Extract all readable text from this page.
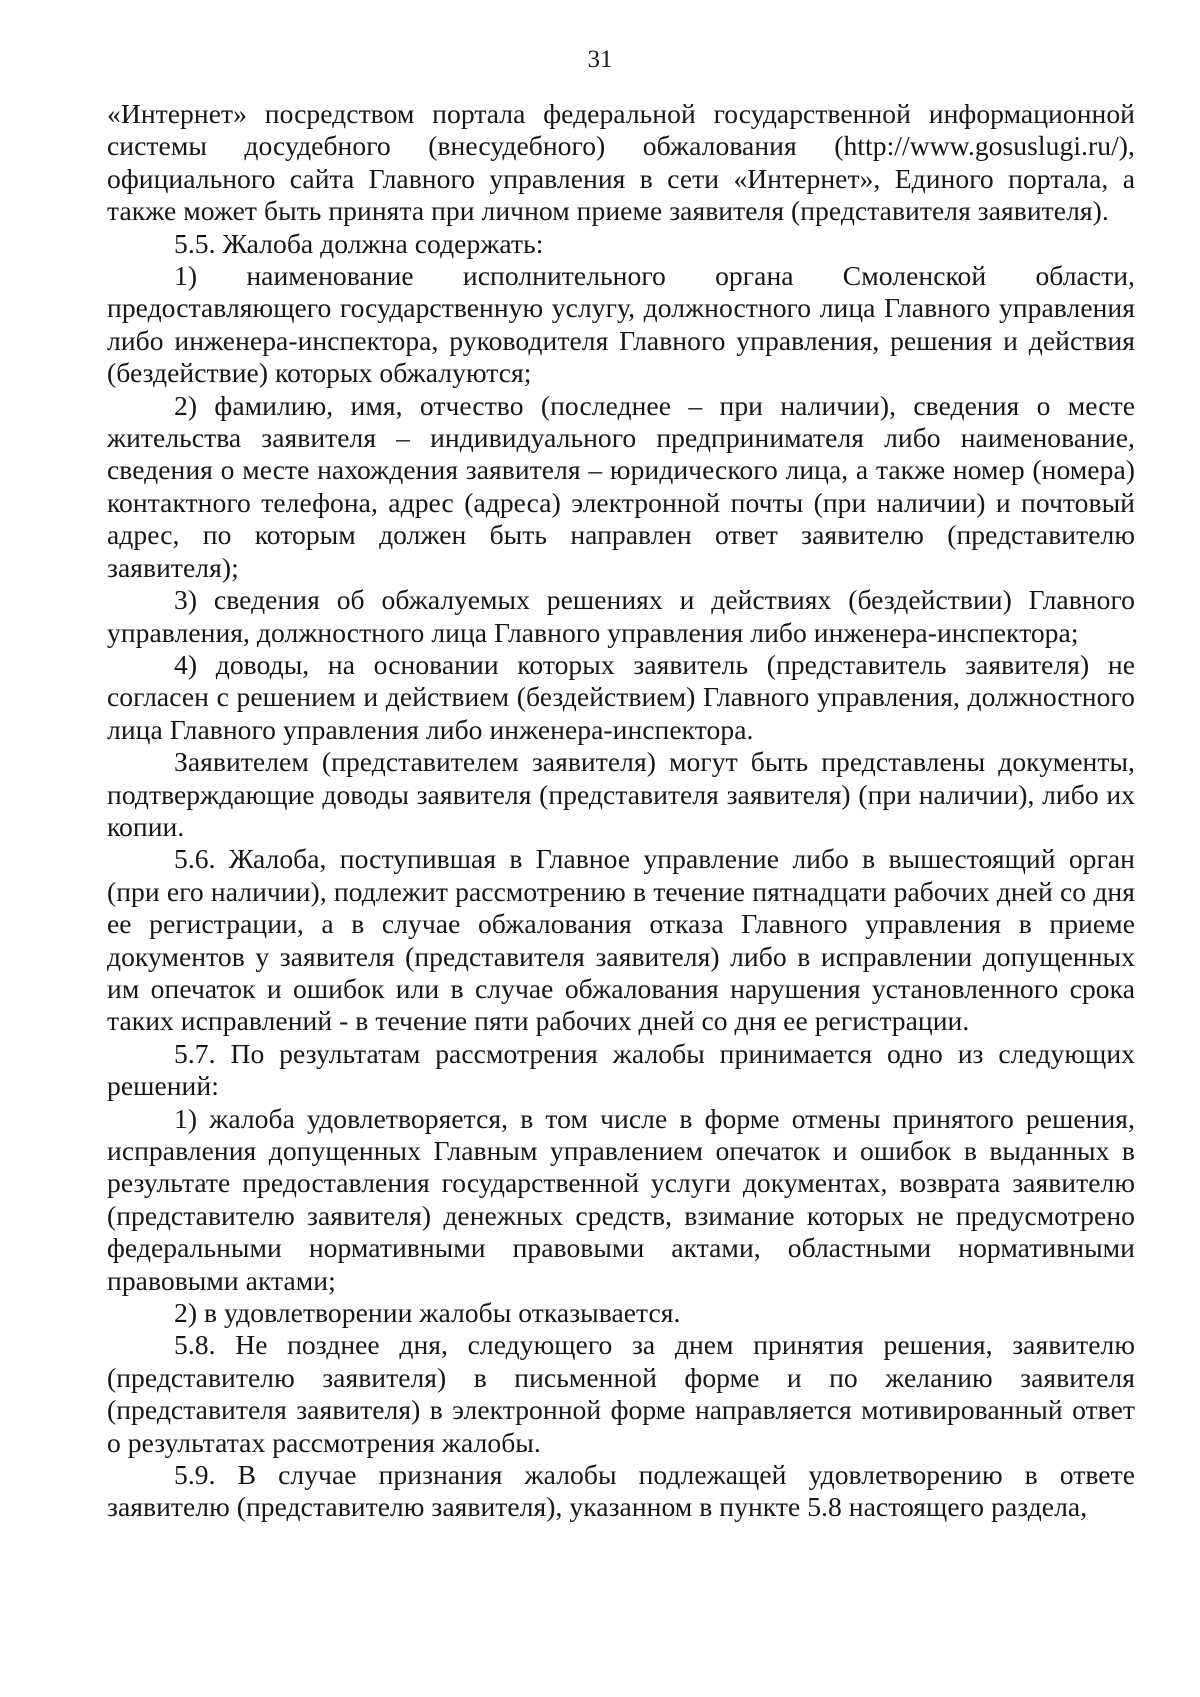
31

«Интернет» посредством портала федеральной государственной информационной системы досудебного (внесудебного) обжалования (http://www.gosuslugi.ru/), официального сайта Главного управления в сети «Интернет», Единого портала, а также может быть принята при личном приеме заявителя (представителя заявителя).

5.5. Жалоба должна содержать:

1) наименование исполнительного органа Смоленской области, предоставляющего государственную услугу, должностного лица Главного управления либо инженера-инспектора, руководителя Главного управления, решения и действия (бездействие) которых обжалуются;

2) фамилию, имя, отчество (последнее – при наличии), сведения о месте жительства заявителя – индивидуального предпринимателя либо наименование, сведения о месте нахождения заявителя – юридического лица, а также номер (номера) контактного телефона, адрес (адреса) электронной почты (при наличии) и почтовый адрес, по которым должен быть направлен ответ заявителю (представителю заявителя);

3) сведения об обжалуемых решениях и действиях (бездействии) Главного управления, должностного лица Главного управления либо инженера-инспектора;

4) доводы, на основании которых заявитель (представитель заявителя) не согласен с решением и действием (бездействием) Главного управления, должностного лица Главного управления либо инженера-инспектора.

Заявителем (представителем заявителя) могут быть представлены документы, подтверждающие доводы заявителя (представителя заявителя) (при наличии), либо их копии.

5.6. Жалоба, поступившая в Главное управление либо в вышестоящий орган (при его наличии), подлежит рассмотрению в течение пятнадцати рабочих дней со дня ее регистрации, а в случае обжалования отказа Главного управления в приеме документов у заявителя (представителя заявителя) либо в исправлении допущенных им опечаток и ошибок или в случае обжалования нарушения установленного срока таких исправлений - в течение пяти рабочих дней со дня ее регистрации.

5.7. По результатам рассмотрения жалобы принимается одно из следующих решений:

1) жалоба удовлетворяется, в том числе в форме отмены принятого решения, исправления допущенных Главным управлением опечаток и ошибок в выданных в результате предоставления государственной услуги документах, возврата заявителю (представителю заявителя) денежных средств, взимание которых не предусмотрено федеральными нормативными правовыми актами, областными нормативными правовыми актами;

2) в удовлетворении жалобы отказывается.

5.8. Не позднее дня, следующего за днем принятия решения, заявителю (представителю заявителя) в письменной форме и по желанию заявителя (представителя заявителя) в электронной форме направляется мотивированный ответ о результатах рассмотрения жалобы.

5.9. В случае признания жалобы подлежащей удовлетворению в ответе заявителю (представителю заявителя), указанном в пункте 5.8 настоящего раздела,
